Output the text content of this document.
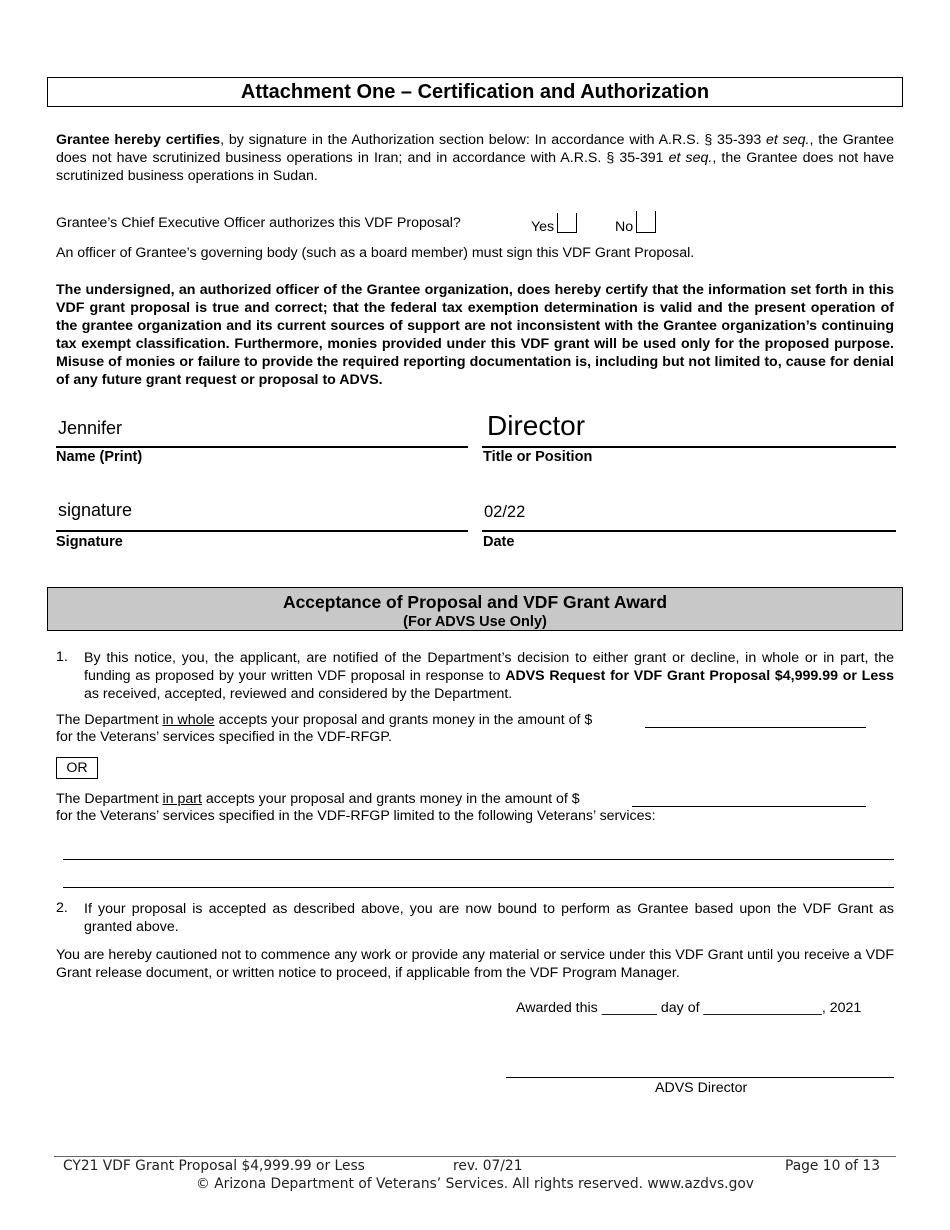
Attachment One – Certification and Authorization
Grantee hereby certifies, by signature in the Authorization section below: In accordance with A.R.S. § 35-393 et seq., the Grantee does not have scrutinized business operations in Iran; and in accordance with A.R.S. § 35-391 et seq., the Grantee does not have scrutinized business operations in Sudan.
Grantee’s Chief Executive Officer authorizes this VDF Proposal?	Yes	No
An officer of Grantee’s governing body (such as a board member) must sign this VDF Grant Proposal.
The undersigned, an authorized officer of the Grantee organization, does hereby certify that the information set forth in this VDF grant proposal is true and correct; that the federal tax exemption determination is valid and the present operation of the grantee organization and its current sources of support are not inconsistent with the Grantee organization’s continuing tax exempt classification. Furthermore, monies provided under this VDF grant will be used only for the proposed purpose. Misuse of monies or failure to provide the required reporting documentation is, including but not limited to, cause for denial of any future grant request or proposal to ADVS.
Jennifer
Name (Print)
Director
Title or Position
signature
Signature
02/22
Date
Acceptance of Proposal and VDF Grant Award
(For ADVS Use Only)
1. By this notice, you, the applicant, are notified of the Department’s decision to either grant or decline, in whole or in part, the funding as proposed by your written VDF proposal in response to ADVS Request for VDF Grant Proposal $4,999.99 or Less as received, accepted, reviewed and considered by the Department.
The Department in whole accepts your proposal and grants money in the amount of $
for the Veterans’ services specified in the VDF-RFGP.
OR
The Department in part accepts your proposal and grants money in the amount of $
for the Veterans’ services specified in the VDF-RFGP limited to the following Veterans’ services:
2. If your proposal is accepted as described above, you are now bound to perform as Grantee based upon the VDF Grant as granted above.
You are hereby cautioned not to commence any work or provide any material or service under this VDF Grant until you receive a VDF Grant release document, or written notice to proceed, if applicable from the VDF Program Manager.
Awarded this _______ day of _______________, 2021
ADVS Director
CY21 VDF Grant Proposal $4,999.99 or Less	rev. 07/21	Page 10 of 13
© Arizona Department of Veterans’ Services. All rights reserved. www.azdvs.gov
